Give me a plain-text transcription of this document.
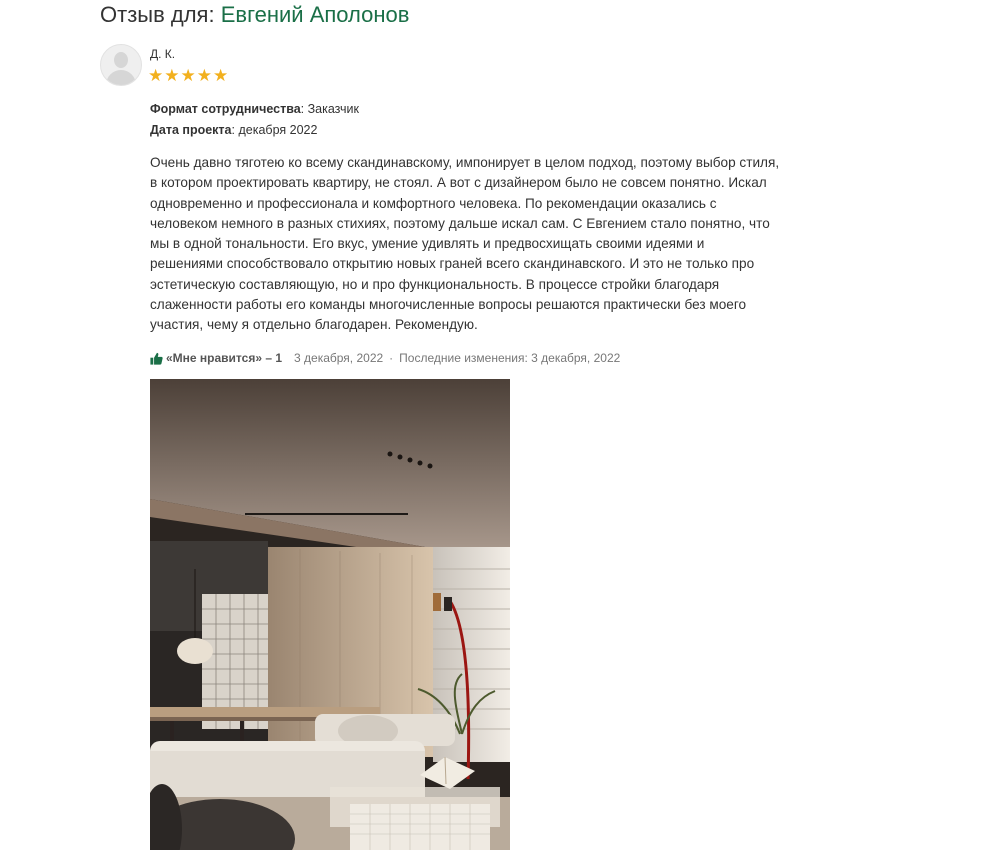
Отзыв для: Евгений Аполонов
Д. К.
★ ★ ★ ★ ★
Формат сотрудничества: Заказчик
Дата проекта: декабря 2022
Очень давно тяготею ко всему скандинавскому, импонирует в целом подход, поэтому выбор стиля, в котором проектировать квартиру, не стоял. А вот с дизайнером было не совсем понятно. Искал одновременно и профессионала и комфортного человека. По рекомендации оказались с человеком немного в разных стихиях, поэтому дальше искал сам. С Евгением стало понятно, что мы в одной тональности. Его вкус, умение удивлять и предвосхищать своими идеями и решениями способствовало открытию новых граней всего скандинавского. И это не только про эстетическую составляющую, но и про функциональность. В процессе стройки благодаря слаженности работы его команды многочисленные вопросы решаются практически без моего участия, чему я отдельно благодарен. Рекомендую.
«Мне нравится» – 1 3 декабря, 2022 · Последние изменения: 3 декабря, 2022
